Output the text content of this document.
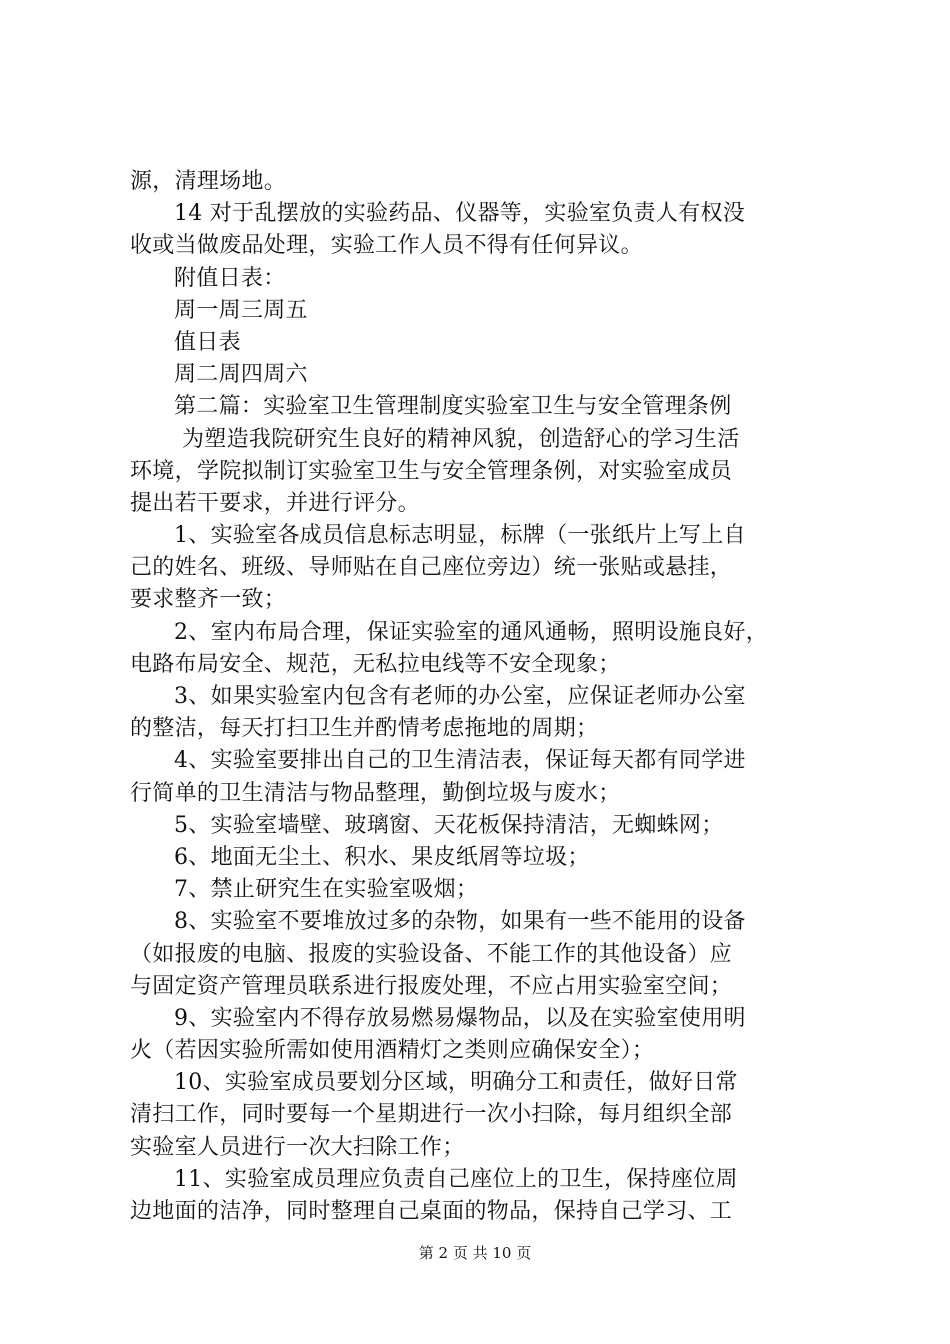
源，清理场地。
14 对于乱摆放的实验药品、仪器等，实验室负责人有权没
收或当做废品处理，实验工作人员不得有任何异议。
附值日表：
周一周三周五
值日表
周二周四周六
第二篇：实验室卫生管理制度实验室卫生与安全管理条例
为塑造我院研究生良好的精神风貌，创造舒心的学习生活
环境，学院拟制订实验室卫生与安全管理条例，对实验室成员
提出若干要求，并进行评分。
1、实验室各成员信息标志明显，标牌（一张纸片上写上自
己的姓名、班级、导师贴在自己座位旁边）统一张贴或悬挂，
要求整齐一致；
2、室内布局合理，保证实验室的通风通畅，照明设施良好，
电路布局安全、规范，无私拉电线等不安全现象；
3、如果实验室内包含有老师的办公室，应保证老师办公室
的整洁，每天打扫卫生并酌情考虑拖地的周期；
4、实验室要排出自己的卫生清洁表，保证每天都有同学进
行简单的卫生清洁与物品整理，勤倒垃圾与废水；
5、实验室墙壁、玻璃窗、天花板保持清洁，无蜘蛛网；
6、地面无尘土、积水、果皮纸屑等垃圾；
7、禁止研究生在实验室吸烟；
8、实验室不要堆放过多的杂物，如果有一些不能用的设备
（如报废的电脑、报废的实验设备、不能工作的其他设备）应
与固定资产管理员联系进行报废处理，不应占用实验室空间；
9、实验室内不得存放易燃易爆物品，以及在实验室使用明
火（若因实验所需如使用酒精灯之类则应确保安全）；
10、实验室成员要划分区域，明确分工和责任，做好日常
清扫工作，同时要每一个星期进行一次小扫除，每月组织全部
实验室人员进行一次大扫除工作；
11、实验室成员理应负责自己座位上的卫生，保持座位周
边地面的洁净，同时整理自己桌面的物品，保持自己学习、工
第 2 页 共 10 页
